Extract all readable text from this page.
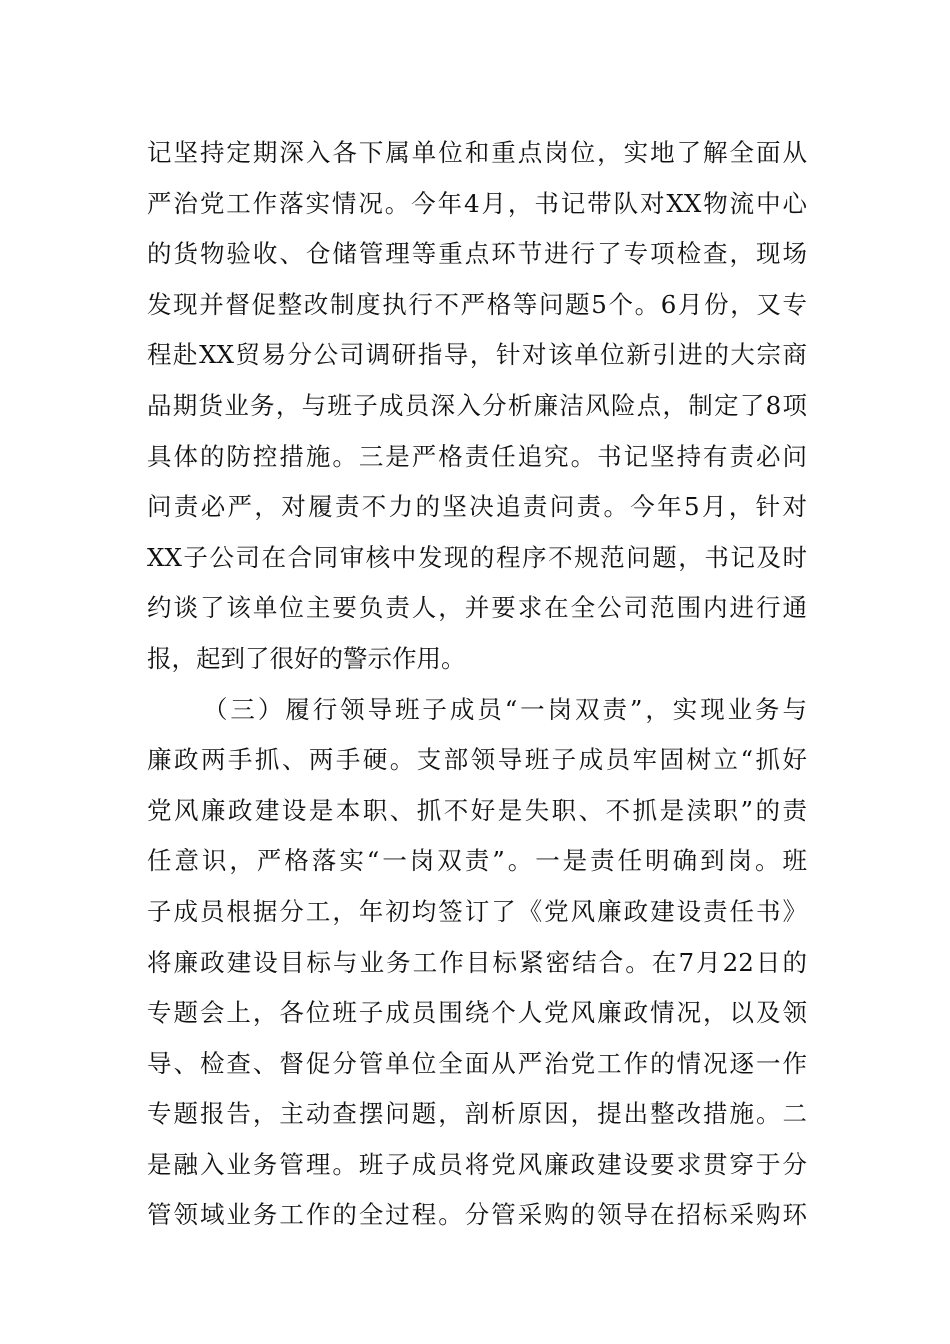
记坚持定期深入各下属单位和重点岗位，实地了解全面从
严治党工作落实情况。今年4月，书记带队对XX物流中心
的货物验收、仓储管理等重点环节进行了专项检查，现场
发现并督促整改制度执行不严格等问题5个。6月份，又专
程赴XX贸易分公司调研指导，针对该单位新引进的大宗商
品期货业务，与班子成员深入分析廉洁风险点，制定了8项
具体的防控措施。三是严格责任追究。书记坚持有责必问
问责必严，对履责不力的坚决追责问责。今年5月，针对
XX子公司在合同审核中发现的程序不规范问题，书记及时
约谈了该单位主要负责人，并要求在全公司范围内进行通
报，起到了很好的警示作用。
（三）履行领导班子成员“一岗双责”，实现业务与
廉政两手抓、两手硬。支部领导班子成员牢固树立“抓好
党风廉政建设是本职、抓不好是失职、不抓是渎职”的责
任意识，严格落实“一岗双责”。一是责任明确到岗。班
子成员根据分工，年初均签订了《党风廉政建设责任书》
将廉政建设目标与业务工作目标紧密结合。在7月22日的
专题会上，各位班子成员围绕个人党风廉政情况，以及领
导、检查、督促分管单位全面从严治党工作的情况逐一作
专题报告，主动查摆问题，剖析原因，提出整改措施。二
是融入业务管理。班子成员将党风廉政建设要求贯穿于分
管领域业务工作的全过程。分管采购的领导在招标采购环
